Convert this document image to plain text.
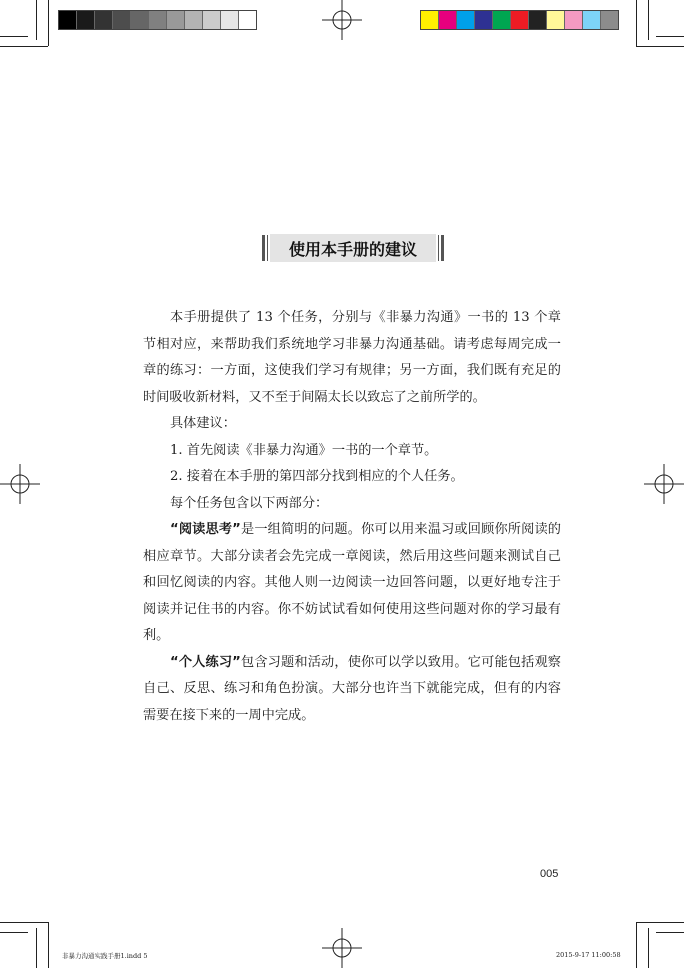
使用本手册的建议

本手册提供了 13 个任务，分别与《非暴力沟通》一书的 13 个章节相对应，来帮助我们系统地学习非暴力沟通基础。请考虑每周完成一章的练习：一方面，这使我们学习有规律；另一方面，我们既有充足的时间吸收新材料，又不至于间隔太长以致忘了之前所学的。

具体建议：

1. 首先阅读《非暴力沟通》一书的一个章节。

2. 接着在本手册的第四部分找到相应的个人任务。

每个任务包含以下两部分：

“阅读思考”是一组简明的问题。你可以用来温习或回顾你所阅读的相应章节。大部分读者会先完成一章阅读，然后用这些问题来测试自己和回忆阅读的内容。其他人则一边阅读一边回答问题，以更好地专注于阅读并记住书的内容。你不妨试试看如何使用这些问题对你的学习最有利。

“个人练习”包含习题和活动，使你可以学以致用。它可能包括观察自己、反思、练习和角色扮演。大部分也许当下就能完成，但有的内容需要在接下来的一周中完成。

005
非暴力沟通实践手册1.indd 5	2015-9-17 11:00:58
